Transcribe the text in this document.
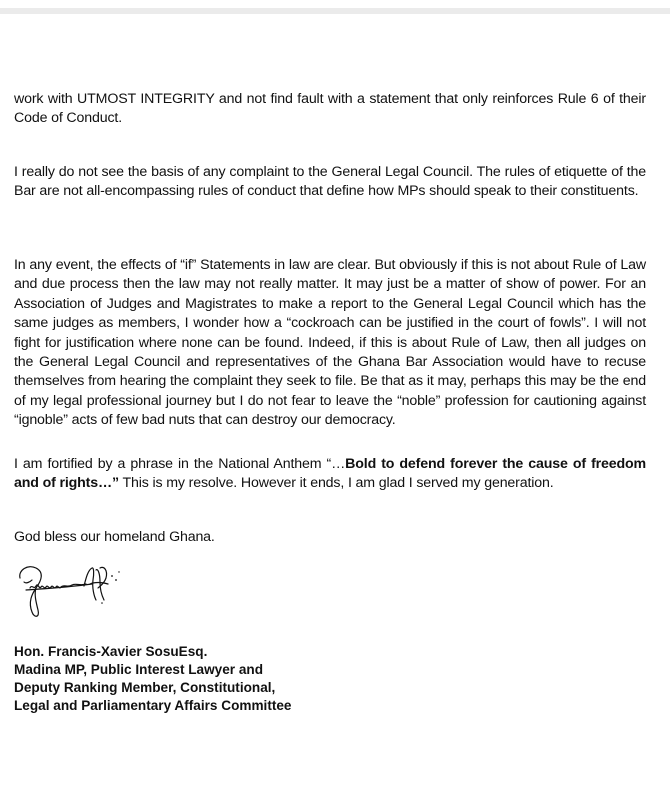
work with UTMOST INTEGRITY and not find fault with a statement that only reinforces Rule 6 of their Code of Conduct.

I really do not see the basis of any complaint to the General Legal Council. The rules of etiquette of the Bar are not all-encompassing rules of conduct that define how MPs should speak to their constituents.

In any event, the effects of “if” Statements in law are clear. But obviously if this is not about Rule of Law and due process then the law may not really matter. It may just be a matter of show of power. For an Association of Judges and Magistrates to make a report to the General Legal Council which has the same judges as members, I wonder how a “cockroach can be justified in the court of fowls”. I will not fight for justification where none can be found. Indeed, if this is about Rule of Law, then all judges on the General Legal Council and representatives of the Ghana Bar Association would have to recuse themselves from hearing the complaint they seek to file. Be that as it may, perhaps this may be the end of my legal professional journey but I do not fear to leave the “noble” profession for cautioning against “ignoble” acts of few bad nuts that can destroy our democracy.

I am fortified by a phrase in the National Anthem “…Bold to defend forever the cause of freedom and of rights…” This is my resolve. However it ends, I am glad I served my generation.

God bless our homeland Ghana.

Hon. Francis-Xavier SosuEsq.
Madina MP, Public Interest Lawyer and
Deputy Ranking Member, Constitutional,
Legal and Parliamentary Affairs Committee
